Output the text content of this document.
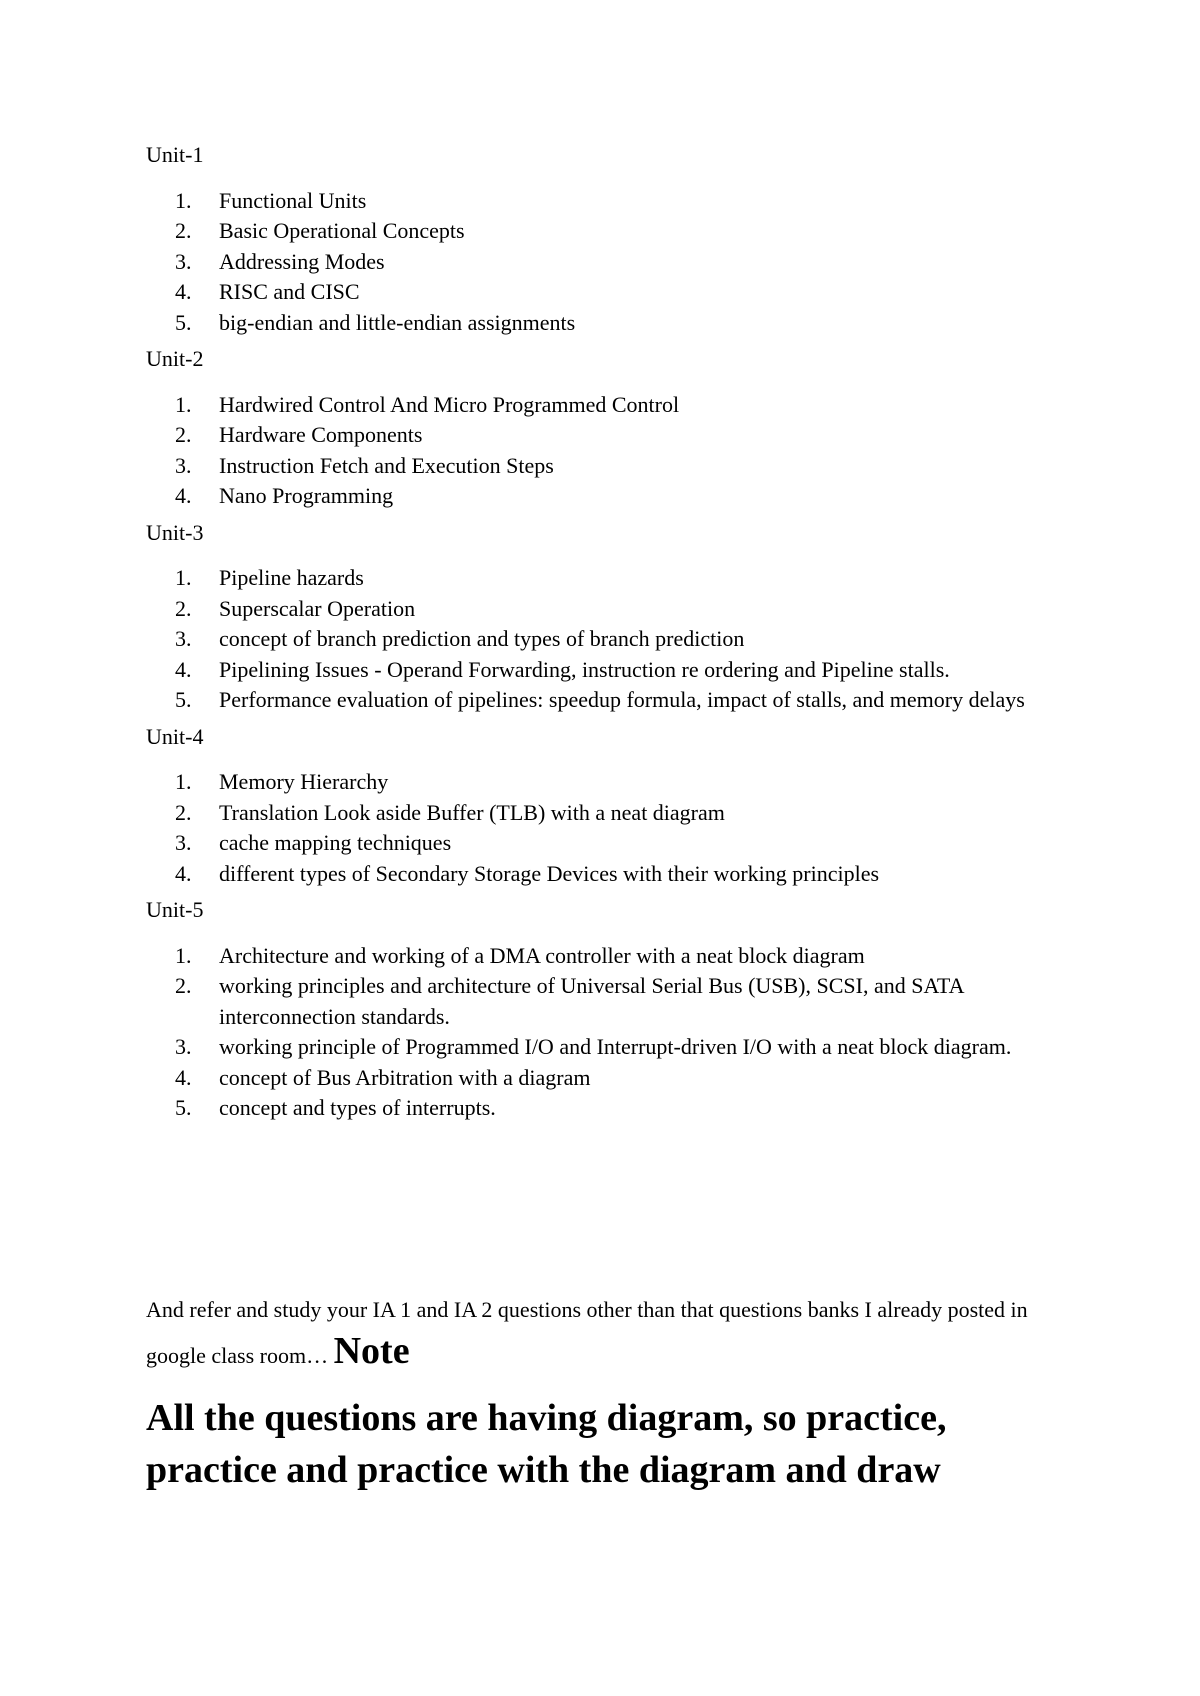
Unit-1
1.	Functional Units
2.	Basic Operational Concepts
3.	Addressing Modes
4.	RISC and CISC
5.	big-endian and little-endian assignments
Unit-2
1.	Hardwired Control And Micro Programmed Control
2.	Hardware Components
3.	Instruction Fetch and Execution Steps
4.	Nano Programming
Unit-3
1.	Pipeline hazards
2.	Superscalar Operation
3.	concept of branch prediction and types of branch prediction
4.	Pipelining Issues - Operand Forwarding, instruction re ordering and Pipeline stalls.
5.	Performance evaluation of pipelines: speedup formula, impact of stalls, and memory delays
Unit-4
1.	Memory Hierarchy
2.	Translation Look aside Buffer (TLB) with a neat diagram
3.	cache mapping techniques
4.	different types of Secondary Storage Devices with their working principles
Unit-5
1.	Architecture and working of a DMA controller with a neat block diagram
2.	working principles and architecture of Universal Serial Bus (USB), SCSI, and SATA interconnection standards.
3.	working principle of Programmed I/O and Interrupt-driven I/O with a neat block diagram.
4.	concept of Bus Arbitration with a diagram
5.	concept and types of interrupts.
And refer and study your IA 1 and IA 2 questions other than that questions banks I already posted in google class room… Note
All the questions are having diagram, so practice, practice and practice with the diagram and draw
